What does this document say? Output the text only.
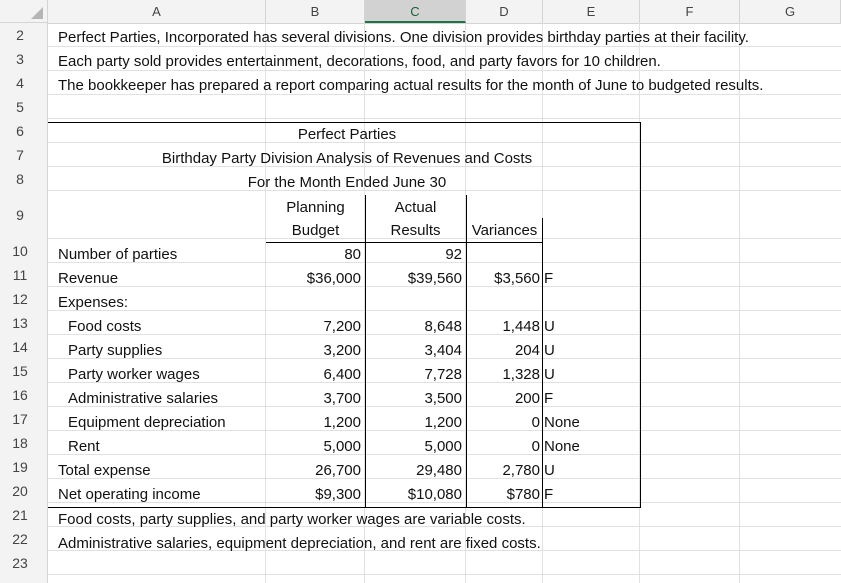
A	B	C	D	E	F	G
2
3
4
5
6
7
8
9
10
11
12
13
14
15
16
17
18
19
20
21
22
23
Perfect Parties, Incorporated has several divisions. One division provides birthday parties at their facility.
Each party sold provides entertainment, decorations, food, and party favors for 10 children.
The bookkeeper has prepared a report comparing actual results for the month of June to budgeted results.
Perfect Parties
Birthday Party Division Analysis of Revenues and Costs
For the Month Ended June 30
Planning
Budget
Actual
Results	Variances
Number of parties	80	92
Revenue	$36,000	$39,560	$3,560 F
Expenses:
Food costs	7,200	8,648	1,448 U
Party supplies	3,200	3,404	204 U
Party worker wages	6,400	7,728	1,328 U
Administrative salaries	3,700	3,500	200 F
Equipment depreciation	1,200	1,200	0 None
Rent	5,000	5,000	0 None
Total expense	26,700	29,480	2,780 U
Net operating income	$9,300	$10,080	$780 F
Food costs, party supplies, and party worker wages are variable costs.
Administrative salaries, equipment depreciation, and rent are fixed costs.
